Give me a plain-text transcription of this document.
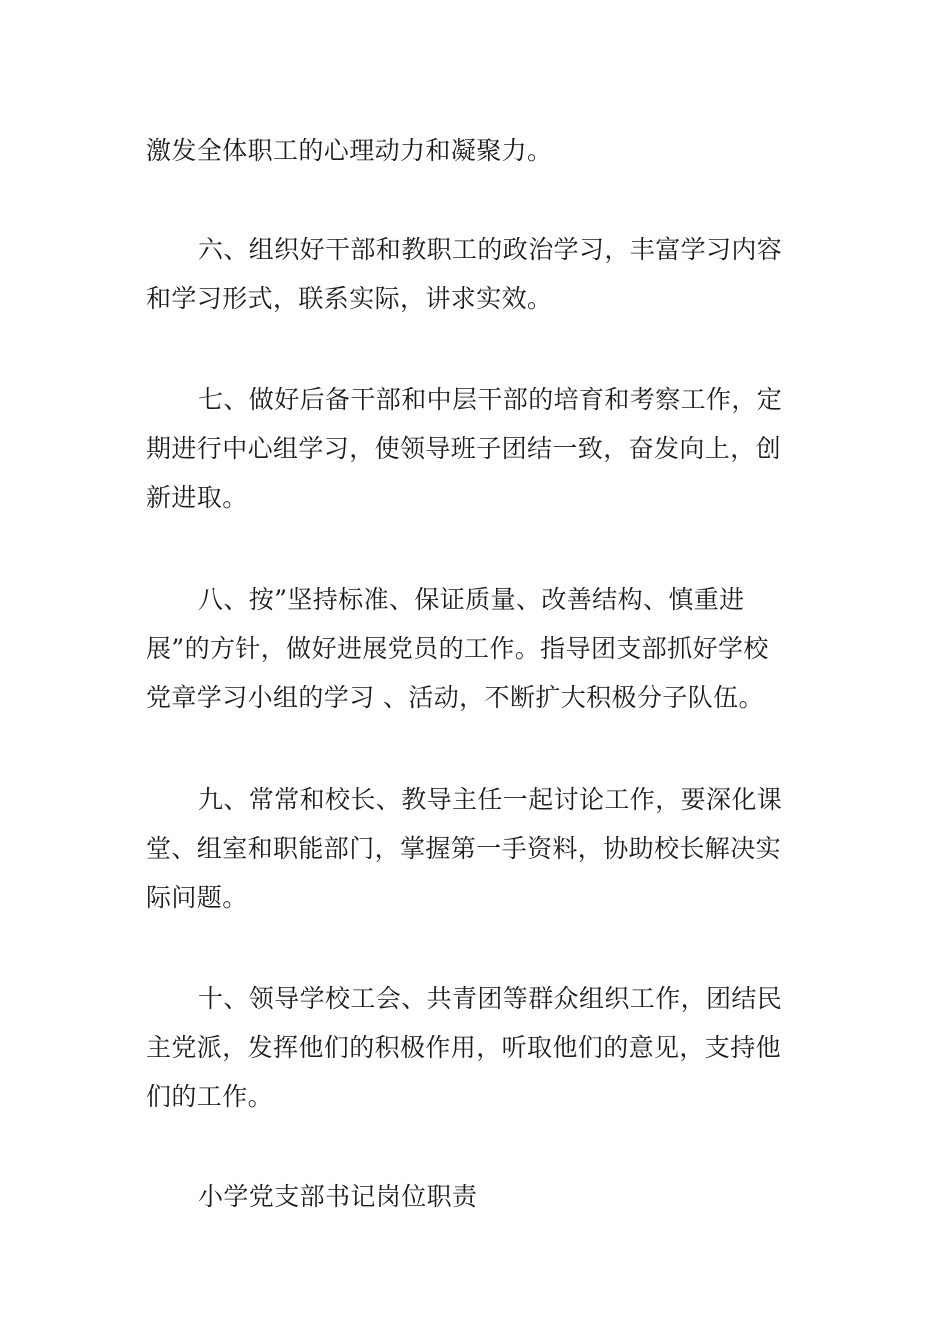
激发全体职工的心理动力和凝聚力。
六、组织好干部和教职工的政治学习，丰富学习内容
和学习形式，联系实际，讲求实效。
七、做好后备干部和中层干部的培育和考察工作，定
期进行中心组学习，使领导班子团结一致，奋发向上，创
新进取。
八、按”坚持标准、保证质量、改善结构、慎重进
展”的方针，做好进展党员的工作。指导团支部抓好学校
党章学习小组的学习 、活动，不断扩大积极分子队伍。
九、常常和校长、教导主任一起讨论工作，要深化课
堂、组室和职能部门，掌握第一手资料，协助校长解决实
际问题。
十、领导学校工会、共青团等群众组织工作，团结民
主党派，发挥他们的积极作用，听取他们的意见，支持他
们的工作。
小学党支部书记岗位职责
